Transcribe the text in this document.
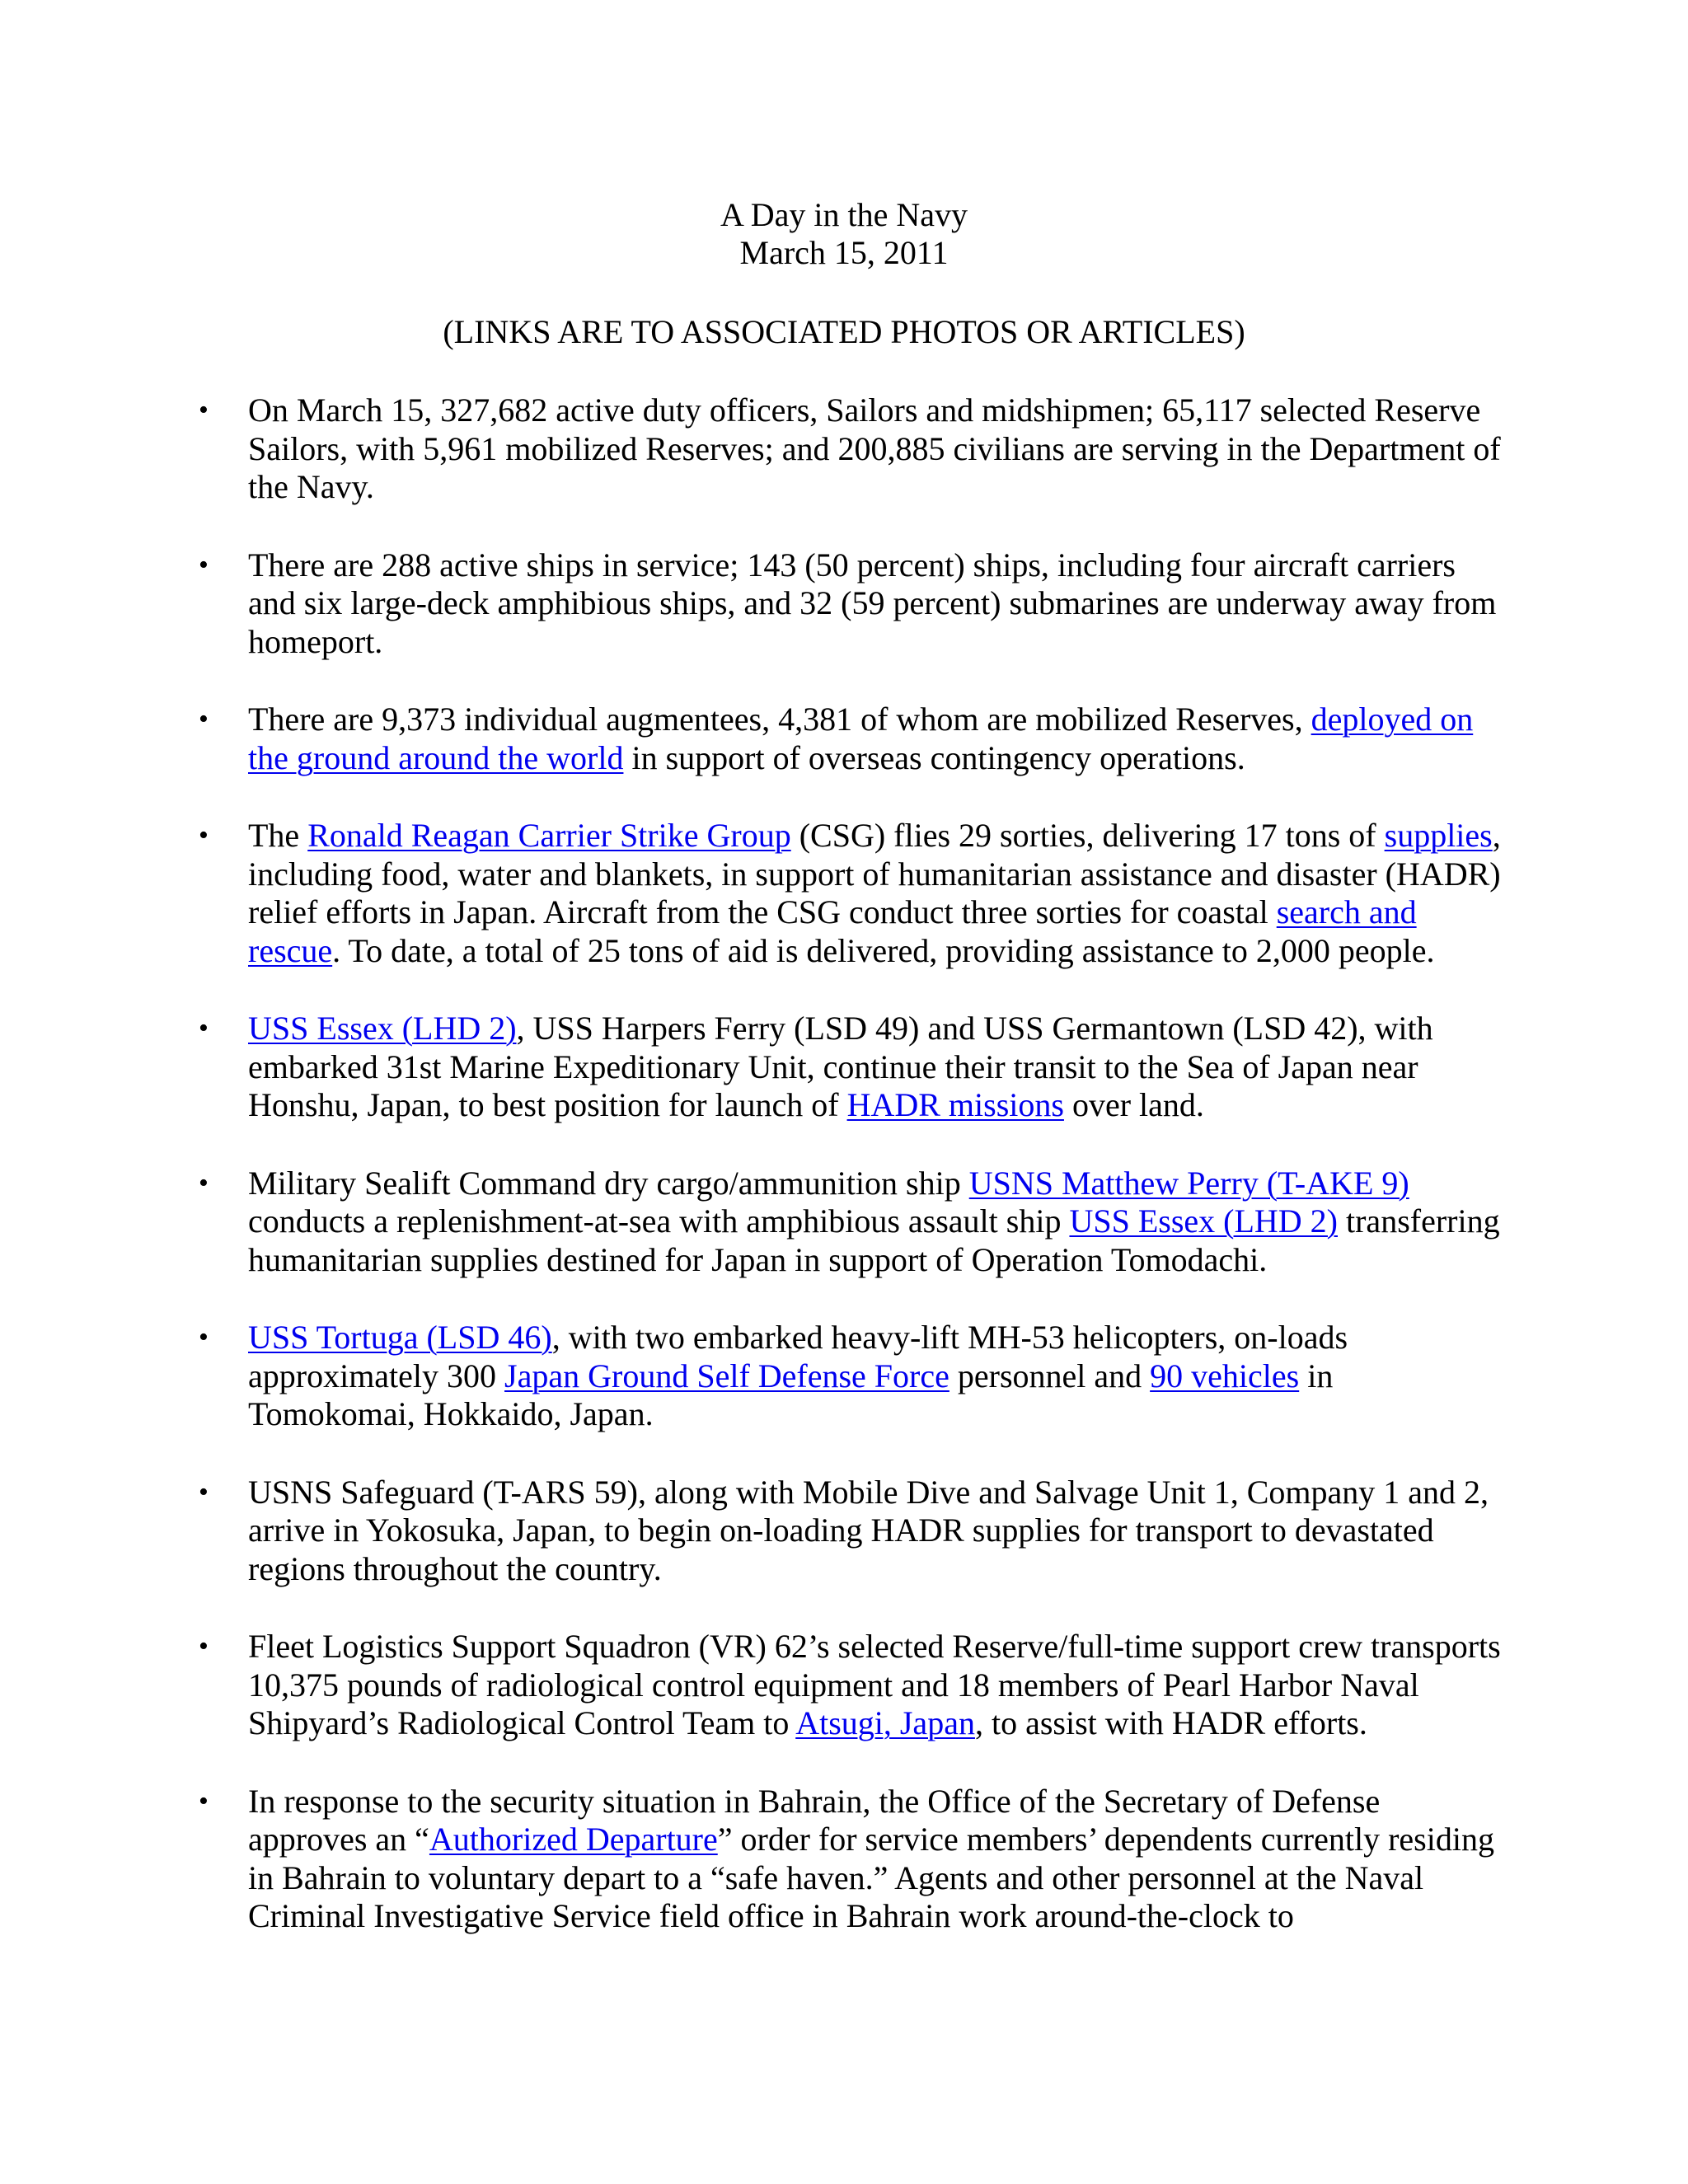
A Day in the Navy
March 15, 2011
(LINKS ARE TO ASSOCIATED PHOTOS OR ARTICLES)
• On March 15, 327,682 active duty officers, Sailors and midshipmen; 65,117 selected Reserve Sailors, with 5,961 mobilized Reserves; and 200,885 civilians are serving in the Department of the Navy.
• There are 288 active ships in service; 143 (50 percent) ships, including four aircraft carriers and six large-deck amphibious ships, and 32 (59 percent) submarines are underway away from homeport.
• There are 9,373 individual augmentees, 4,381 of whom are mobilized Reserves, deployed on the ground around the world in support of overseas contingency operations.
• The Ronald Reagan Carrier Strike Group (CSG) flies 29 sorties, delivering 17 tons of supplies, including food, water and blankets, in support of humanitarian assistance and disaster (HADR) relief efforts in Japan. Aircraft from the CSG conduct three sorties for coastal search and rescue. To date, a total of 25 tons of aid is delivered, providing assistance to 2,000 people.
• USS Essex (LHD 2), USS Harpers Ferry (LSD 49) and USS Germantown (LSD 42), with embarked 31st Marine Expeditionary Unit, continue their transit to the Sea of Japan near Honshu, Japan, to best position for launch of HADR missions over land.
• Military Sealift Command dry cargo/ammunition ship USNS Matthew Perry (T-AKE 9) conducts a replenishment-at-sea with amphibious assault ship USS Essex (LHD 2) transferring humanitarian supplies destined for Japan in support of Operation Tomodachi.
• USS Tortuga (LSD 46), with two embarked heavy-lift MH-53 helicopters, on-loads approximately 300 Japan Ground Self Defense Force personnel and 90 vehicles in Tomokomai, Hokkaido, Japan.
• USNS Safeguard (T-ARS 59), along with Mobile Dive and Salvage Unit 1, Company 1 and 2, arrive in Yokosuka, Japan, to begin on-loading HADR supplies for transport to devastated regions throughout the country.
• Fleet Logistics Support Squadron (VR) 62’s selected Reserve/full-time support crew transports 10,375 pounds of radiological control equipment and 18 members of Pearl Harbor Naval Shipyard’s Radiological Control Team to Atsugi, Japan, to assist with HADR efforts.
• In response to the security situation in Bahrain, the Office of the Secretary of Defense approves an “Authorized Departure” order for service members’ dependents currently residing in Bahrain to voluntary depart to a “safe haven.” Agents and other personnel at the Naval Criminal Investigative Service field office in Bahrain work around-the-clock to
